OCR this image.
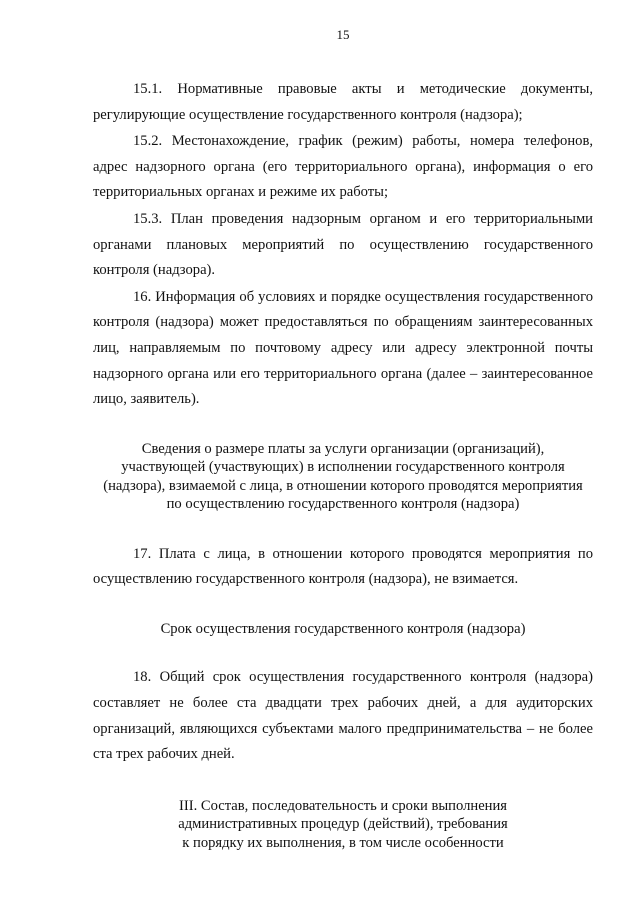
15

15.1. Нормативные правовые акты и методические документы, регулирующие осуществление государственного контроля (надзора);

15.2. Местонахождение, график (режим) работы, номера телефонов, адрес надзорного органа (его территориального органа), информация о его территориальных органах и режиме их работы;

15.3. План проведения надзорным органом и его территориальными органами плановых мероприятий по осуществлению государственного контроля (надзора).

16. Информация об условиях и порядке осуществления государственного контроля (надзора) может предоставляться по обращениям заинтересованных лиц, направляемым по почтовому адресу или адресу электронной почты надзорного органа или его территориального органа (далее – заинтересованное лицо, заявитель).

Сведения о размере платы за услуги организации (организаций),
участвующей (участвующих) в исполнении государственного контроля
(надзора), взимаемой с лица, в отношении которого проводятся мероприятия
по осуществлению государственного контроля (надзора)

17. Плата с лица, в отношении которого проводятся мероприятия по осуществлению государственного контроля (надзора), не взимается.

Срок осуществления государственного контроля (надзора)

18. Общий срок осуществления государственного контроля (надзора) составляет не более ста двадцати трех рабочих дней, а для аудиторских организаций, являющихся субъектами малого предпринимательства – не более ста трех рабочих дней.

III. Состав, последовательность и сроки выполнения
административных процедур (действий), требования
к порядку их выполнения, в том числе особенности
